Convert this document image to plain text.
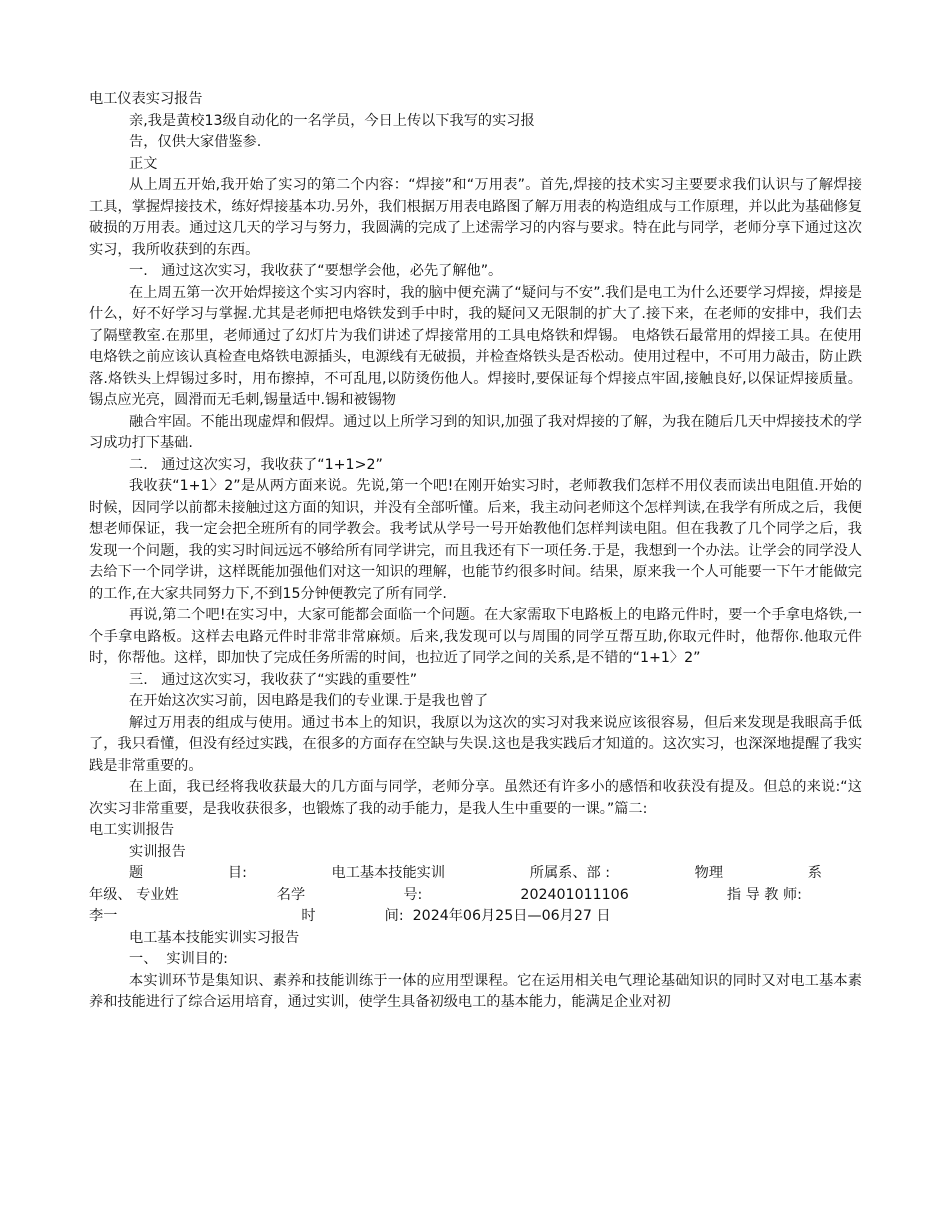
电工仪表实习报告
亲,我是黄校13级自动化的一名学员，今日上传以下我写的实习报
告，仅供大家借鉴参.
正文
从上周五开始,我开始了实习的第二个内容：“焊接”和“万用表”。首先,焊接的技术实习主要要求我们认识与了解焊接工具，掌握焊接技术，练好焊接基本功.另外，我们根据万用表电路图了解万用表的构造组成与工作原理，并以此为基础修复破损的万用表。通过这几天的学习与努力，我圆满的完成了上述需学习的内容与要求。特在此与同学，老师分享下通过这次实习，我所收获到的东西。
一.   通过这次实习，我收获了“要想学会他，必先了解他”。
在上周五第一次开始焊接这个实习内容时，我的脑中便充满了“疑问与不安”.我们是电工为什么还要学习焊接，焊接是什么，好不好学习与掌握.尤其是老师把电烙铁发到手中时，我的疑问又无限制的扩大了.接下来，在老师的安排中，我们去了隔壁教室.在那里，老师通过了幻灯片为我们讲述了焊接常用的工具电烙铁和焊锡。 电烙铁石最常用的焊接工具。在使用电烙铁之前应该认真检查电烙铁电源插头，电源线有无破损，并检查烙铁头是否松动。使用过程中，不可用力敲击，防止跌落.烙铁头上焊锡过多时，用布擦掉，不可乱甩,以防烫伤他人。焊接时,要保证每个焊接点牢固,接触良好,以保证焊接质量。锡点应光亮，圆滑而无毛刺,锡量适中.锡和被锡物
融合牢固。不能出现虚焊和假焊。通过以上所学习到的知识,加强了我对焊接的了解，为我在随后几天中焊接技术的学习成功打下基础.
二.   通过这次实习，我收获了“1+1>2”
我收获“1+1〉2”是从两方面来说。先说,第一个吧!在刚开始实习时，老师教我们怎样不用仪表而读出电阻值.开始的时候，因同学以前都未接触过这方面的知识，并没有全部听懂。后来，我主动问老师这个怎样判读,在我学有所成之后，我便想老师保证，我一定会把全班所有的同学教会。我考试从学号一号开始教他们怎样判读电阻。但在我教了几个同学之后，我发现一个问题，我的实习时间远远不够给所有同学讲完，而且我还有下一项任务.于是，我想到一个办法。让学会的同学没人去给下一个同学讲，这样既能加强他们对这一知识的理解，也能节约很多时间。结果，原来我一个人可能要一下午才能做完的工作,在大家共同努力下,不到15分钟便教完了所有同学.
再说,第二个吧!在实习中，大家可能都会面临一个问题。在大家需取下电路板上的电路元件时，要一个手拿电烙铁,一个手拿电路板。这样去电路元件时非常非常麻烦。后来,我发现可以与周围的同学互帮互助,你取元件时，他帮你.他取元件时，你帮他。这样，即加快了完成任务所需的时间，也拉近了同学之间的关系,是不错的“1+1〉2”
三.   通过这次实习，我收获了“实践的重要性”
在开始这次实习前，因电路是我们的专业课.于是我也曾了
解过万用表的组成与使用。通过书本上的知识，我原以为这次的实习对我来说应该很容易，但后来发现是我眼高手低了，我只看懂，但没有经过实践，在很多的方面存在空缺与失误.这也是我实践后才知道的。这次实习，也深深地提醒了我实践是非常重要的。
在上面，我已经将我收获最大的几方面与同学，老师分享。虽然还有许多小的感悟和收获没有提及。但总的来说:“这次实习非常重要，是我收获很多，也锻炼了我的动手能力，是我人生中重要的一课。”篇二:
电工实训报告
实训报告
题	目:	电工基本技能实训	所属系、部 :	物理	系
年级、 专业姓	名学	号:	202401011106	指 导 教 师:
李一	时	间:  2024年06月25日—06月27 日
电工基本技能实训实习报告
一、  实训目的:
本实训环节是集知识、素养和技能训练于一体的应用型课程。它在运用相关电气理论基础知识的同时又对电工基本素养和技能进行了综合运用培育，通过实训，使学生具备初级电工的基本能力，能满足企业对初
